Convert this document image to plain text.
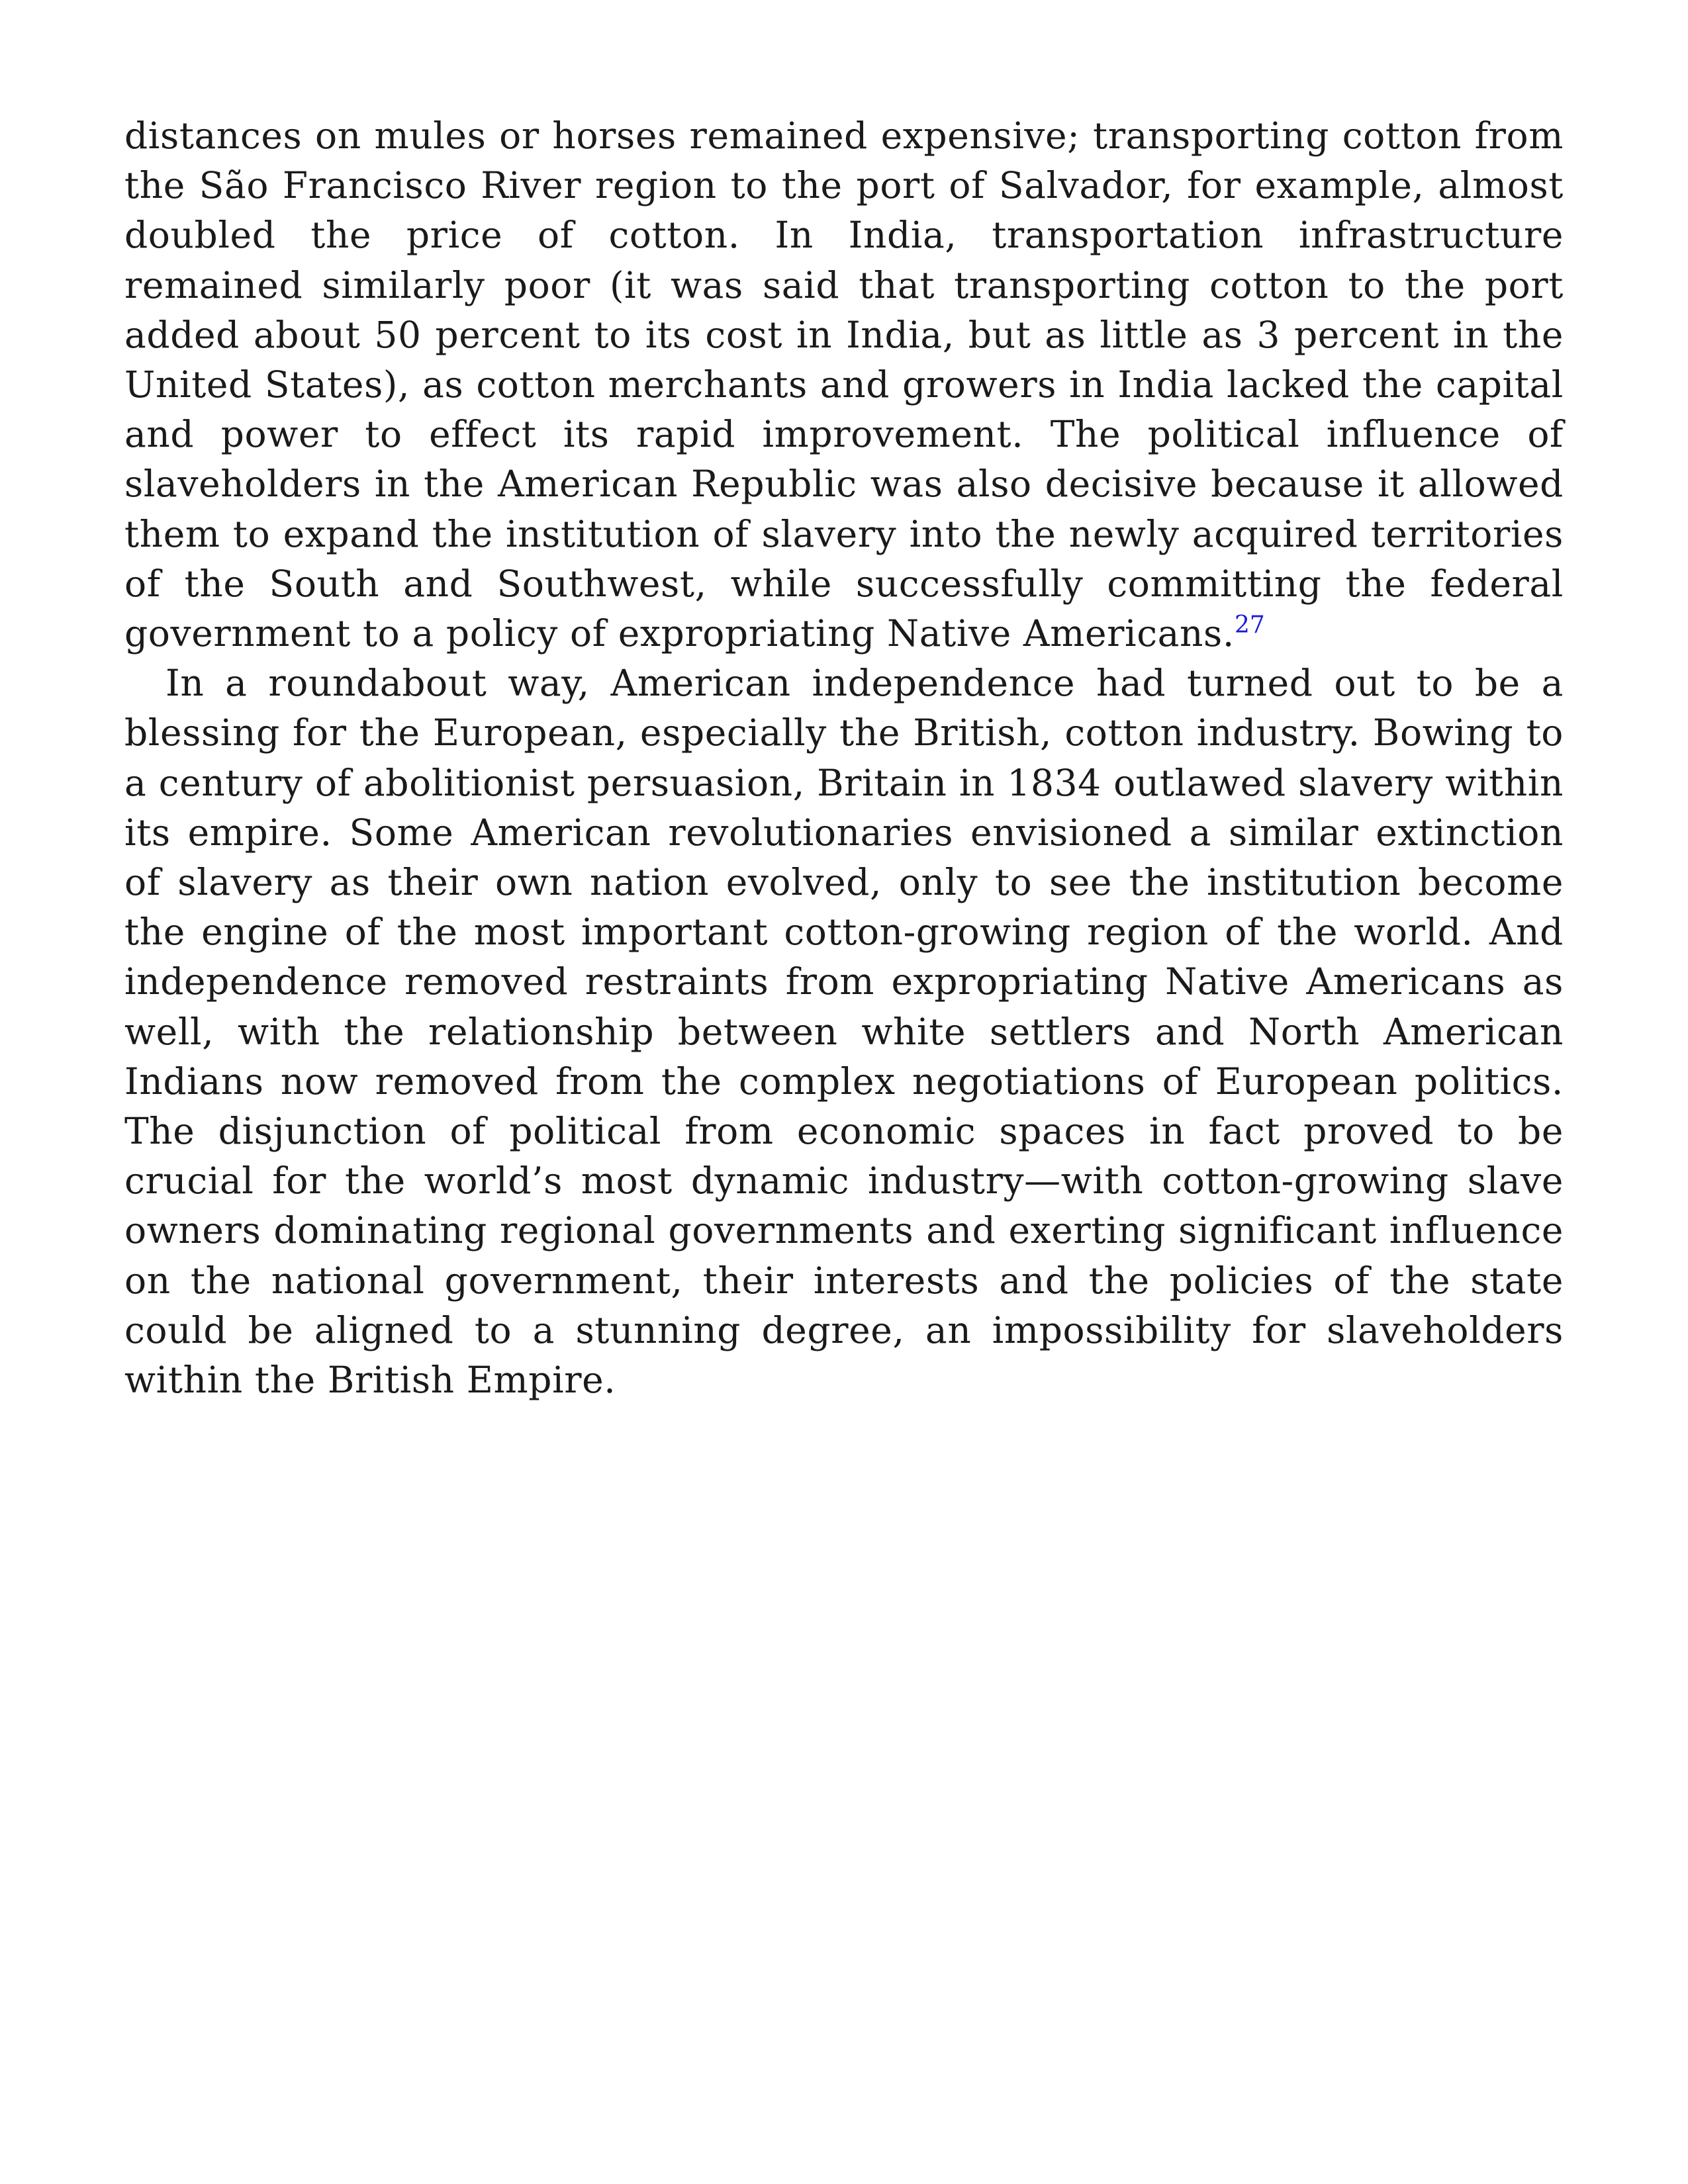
distances on mules or horses remained expensive; transporting cotton from the São Francisco River region to the port of Salvador, for example, almost doubled the price of cotton. In India, transportation infrastructure remained similarly poor (it was said that transporting cotton to the port added about 50 percent to its cost in India, but as little as 3 percent in the United States), as cotton merchants and growers in India lacked the capital and power to effect its rapid improvement. The political influence of slaveholders in the American Republic was also decisive because it allowed them to expand the institution of slavery into the newly acquired territories of the South and Southwest, while successfully committing the federal government to a policy of expropriating Native Americans.$^{27}$

In a roundabout way, American independence had turned out to be a blessing for the European, especially the British, cotton industry. Bowing to a century of abolitionist persuasion, Britain in 1834 outlawed slavery within its empire. Some American revolutionaries envisioned a similar extinction of slavery as their own nation evolved, only to see the institution become the engine of the most important cotton-growing region of the world. And independence removed restraints from expropriating Native Americans as well, with the relationship between white settlers and North American Indians now removed from the complex negotiations of European politics. The disjunction of political from economic spaces in fact proved to be crucial for the world’s most dynamic industry—with cotton-growing slave owners dominating regional governments and exerting significant influence on the national government, their interests and the policies of the state could be aligned to a stunning degree, an impossibility for slaveholders within the British Empire.
